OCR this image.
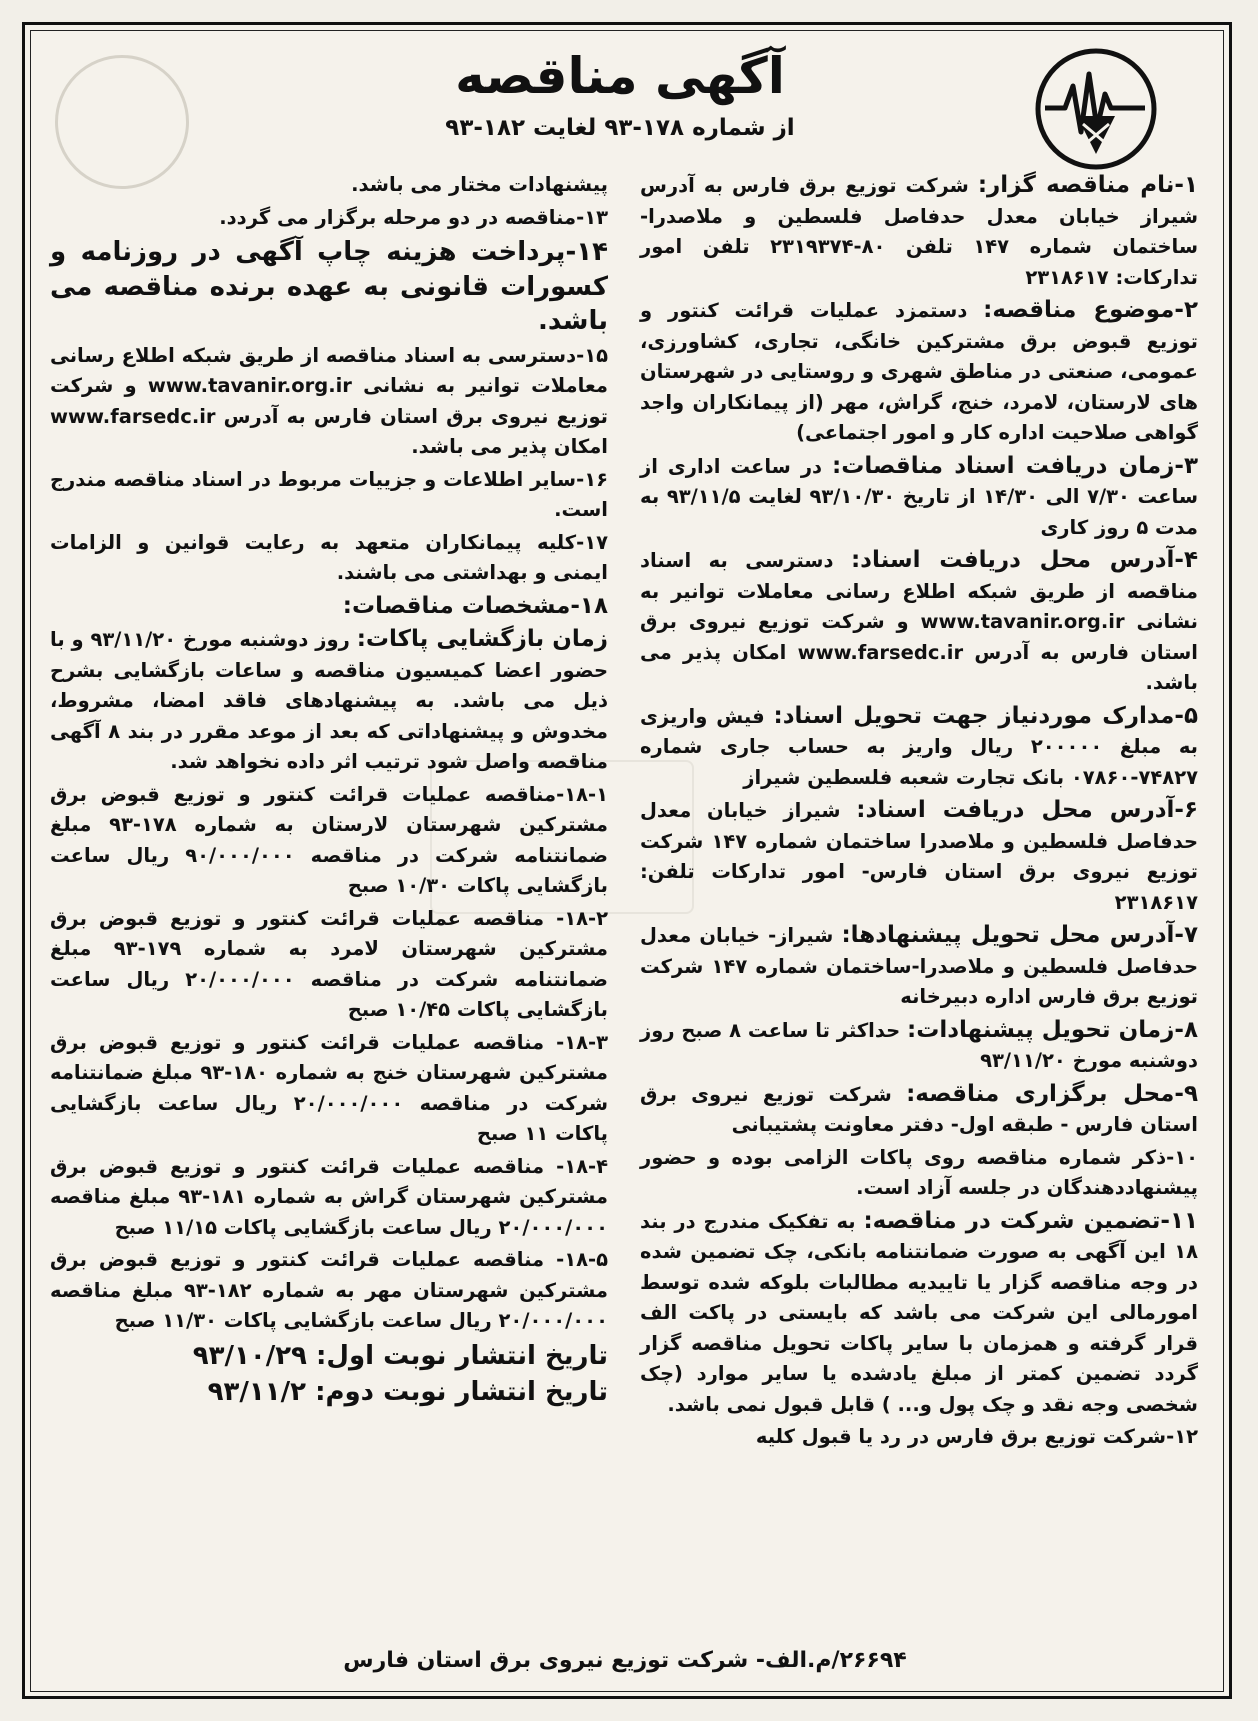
آگهی مناقصه
از شماره ۱۷۸-۹۳ لغایت ۱۸۲-۹۳

۱-نام مناقصه گزار: شرکت توزیع برق فارس به آدرس شیراز خیابان معدل حدفاصل فلسطین و ملاصدرا- ساختمان شماره ۱۴۷ تلفن ۸۰-۲۳۱۹۳۷۴ تلفن امور تدارکات: ۲۳۱۸۶۱۷

۲-موضوع مناقصه: دستمزد عملیات قرائت کنتور و توزیع قبوض برق مشترکین خانگی، تجاری، کشاورزی، عمومی، صنعتی در مناطق شهری و روستایی در شهرستان های لارستان، لامرد، خنج، گراش، مهر (از پیمانکاران واجد گواهی صلاحیت اداره کار و امور اجتماعی)

۳-زمان دریافت اسناد مناقصات: در ساعت اداری از ساعت ۷/۳۰ الی ۱۴/۳۰ از تاریخ ۹۳/۱۰/۳۰ لغایت ۹۳/۱۱/۵ به مدت ۵ روز کاری

۴-آدرس محل دریافت اسناد: دسترسی به اسناد مناقصه از طریق شبکه اطلاع رسانی معاملات توانیر به نشانی www.tavanir.org.ir و شرکت توزیع نیروی برق استان فارس به آدرس www.farsedc.ir امکان پذیر می باشد.

۵-مدارک موردنیاز جهت تحویل اسناد: فیش واریزی به مبلغ ۲۰۰۰۰۰ ریال واریز به حساب جاری شماره ۷۴۸۲۷-۰۷۸۶۰ بانک تجارت شعبه فلسطین شیراز

۶-آدرس محل دریافت اسناد: شیراز خیابان معدل حدفاصل فلسطین و ملاصدرا ساختمان شماره ۱۴۷ شرکت توزیع نیروی برق استان فارس- امور تدارکات تلفن: ۲۳۱۸۶۱۷

۷-آدرس محل تحویل پیشنهادها: شیراز- خیابان معدل حدفاصل فلسطین و ملاصدرا-ساختمان شماره ۱۴۷ شرکت توزیع برق فارس اداره دبیرخانه

۸-زمان تحویل پیشنهادات: حداکثر تا ساعت ۸ صبح روز دوشنبه مورخ ۹۳/۱۱/۲۰

۹-محل برگزاری مناقصه: شرکت توزیع نیروی برق استان فارس - طبقه اول- دفتر معاونت پشتیبانی

۱۰-ذکر شماره مناقصه روی پاکات الزامی بوده و حضور پیشنهاددهندگان در جلسه آزاد است.

۱۱-تضمین شرکت در مناقصه: به تفکیک مندرج در بند ۱۸ این آگهی به صورت ضمانتنامه بانکی، چک تضمین شده در وجه مناقصه گزار یا تاییدیه مطالبات بلوکه شده توسط امورمالی این شرکت می باشد که بایستی در پاکت الف قرار گرفته و همزمان با سایر پاکات تحویل مناقصه گزار گردد تضمین کمتر از مبلغ یادشده یا سایر موارد (چک شخصی وجه نقد و چک پول و... ) قابل قبول نمی باشد.

۱۲-شرکت توزیع برق فارس در رد یا قبول کلیه

پیشنهادات مختار می باشد.

۱۳-مناقصه در دو مرحله برگزار می گردد.

۱۴-پرداخت هزینه چاپ آگهی در روزنامه و کسورات قانونی به عهده برنده مناقصه می باشد.

۱۵-دسترسی به اسناد مناقصه از طریق شبکه اطلاع رسانی معاملات توانیر به نشانی www.tavanir.org.ir و شرکت توزیع نیروی برق استان فارس به آدرس www.farsedc.ir امکان پذیر می باشد.

۱۶-سایر اطلاعات و جزییات مربوط در اسناد مناقصه مندرج است.

۱۷-کلیه پیمانکاران متعهد به رعایت قوانین و الزامات ایمنی و بهداشتی می باشند.

۱۸-مشخصات مناقصات:

زمان بازگشایی پاکات: روز دوشنبه مورخ ۹۳/۱۱/۲۰ و با حضور اعضا کمیسیون مناقصه و ساعات بازگشایی بشرح ذیل می باشد. به پیشنهادهای فاقد امضا، مشروط، مخدوش و پیشنهاداتی که بعد از موعد مقرر در بند ۸ آگهی مناقصه واصل شود ترتیب اثر داده نخواهد شد.

۱۸-۱-مناقصه عملیات قرائت کنتور و توزیع قبوض برق مشترکین شهرستان لارستان به شماره ۱۷۸-۹۳ مبلغ ضمانتنامه شرکت در مناقصه ۹۰/۰۰۰/۰۰۰ ریال ساعت بازگشایی پاکات ۱۰/۳۰ صبح

۱۸-۲- مناقصه عملیات قرائت کنتور و توزیع قبوض برق مشترکین شهرستان لامرد به شماره ۱۷۹-۹۳ مبلغ ضمانتنامه شرکت در مناقصه ۲۰/۰۰۰/۰۰۰ ریال ساعت بازگشایی پاکات ۱۰/۴۵ صبح

۱۸-۳- مناقصه عملیات قرائت کنتور و توزیع قبوض برق مشترکین شهرستان خنج به شماره ۱۸۰-۹۳ مبلغ ضمانتنامه شرکت در مناقصه ۲۰/۰۰۰/۰۰۰ ریال ساعت بازگشایی پاکات ۱۱ صبح

۱۸-۴- مناقصه عملیات قرائت کنتور و توزیع قبوض برق مشترکین شهرستان گراش به شماره ۱۸۱-۹۳ مبلغ مناقصه ۲۰/۰۰۰/۰۰۰ ریال ساعت بازگشایی پاکات ۱۱/۱۵ صبح

۱۸-۵- مناقصه عملیات قرائت کنتور و توزیع قبوض برق مشترکین شهرستان مهر به شماره ۱۸۲-۹۳ مبلغ مناقصه ۲۰/۰۰۰/۰۰۰ ریال ساعت بازگشایی پاکات ۱۱/۳۰ صبح

تاریخ انتشار نوبت اول: ۹۳/۱۰/۲۹

تاریخ انتشار نوبت دوم: ۹۳/۱۱/۲

۲۶۶۹۴/م.الف- شرکت توزیع نیروی برق استان فارس
